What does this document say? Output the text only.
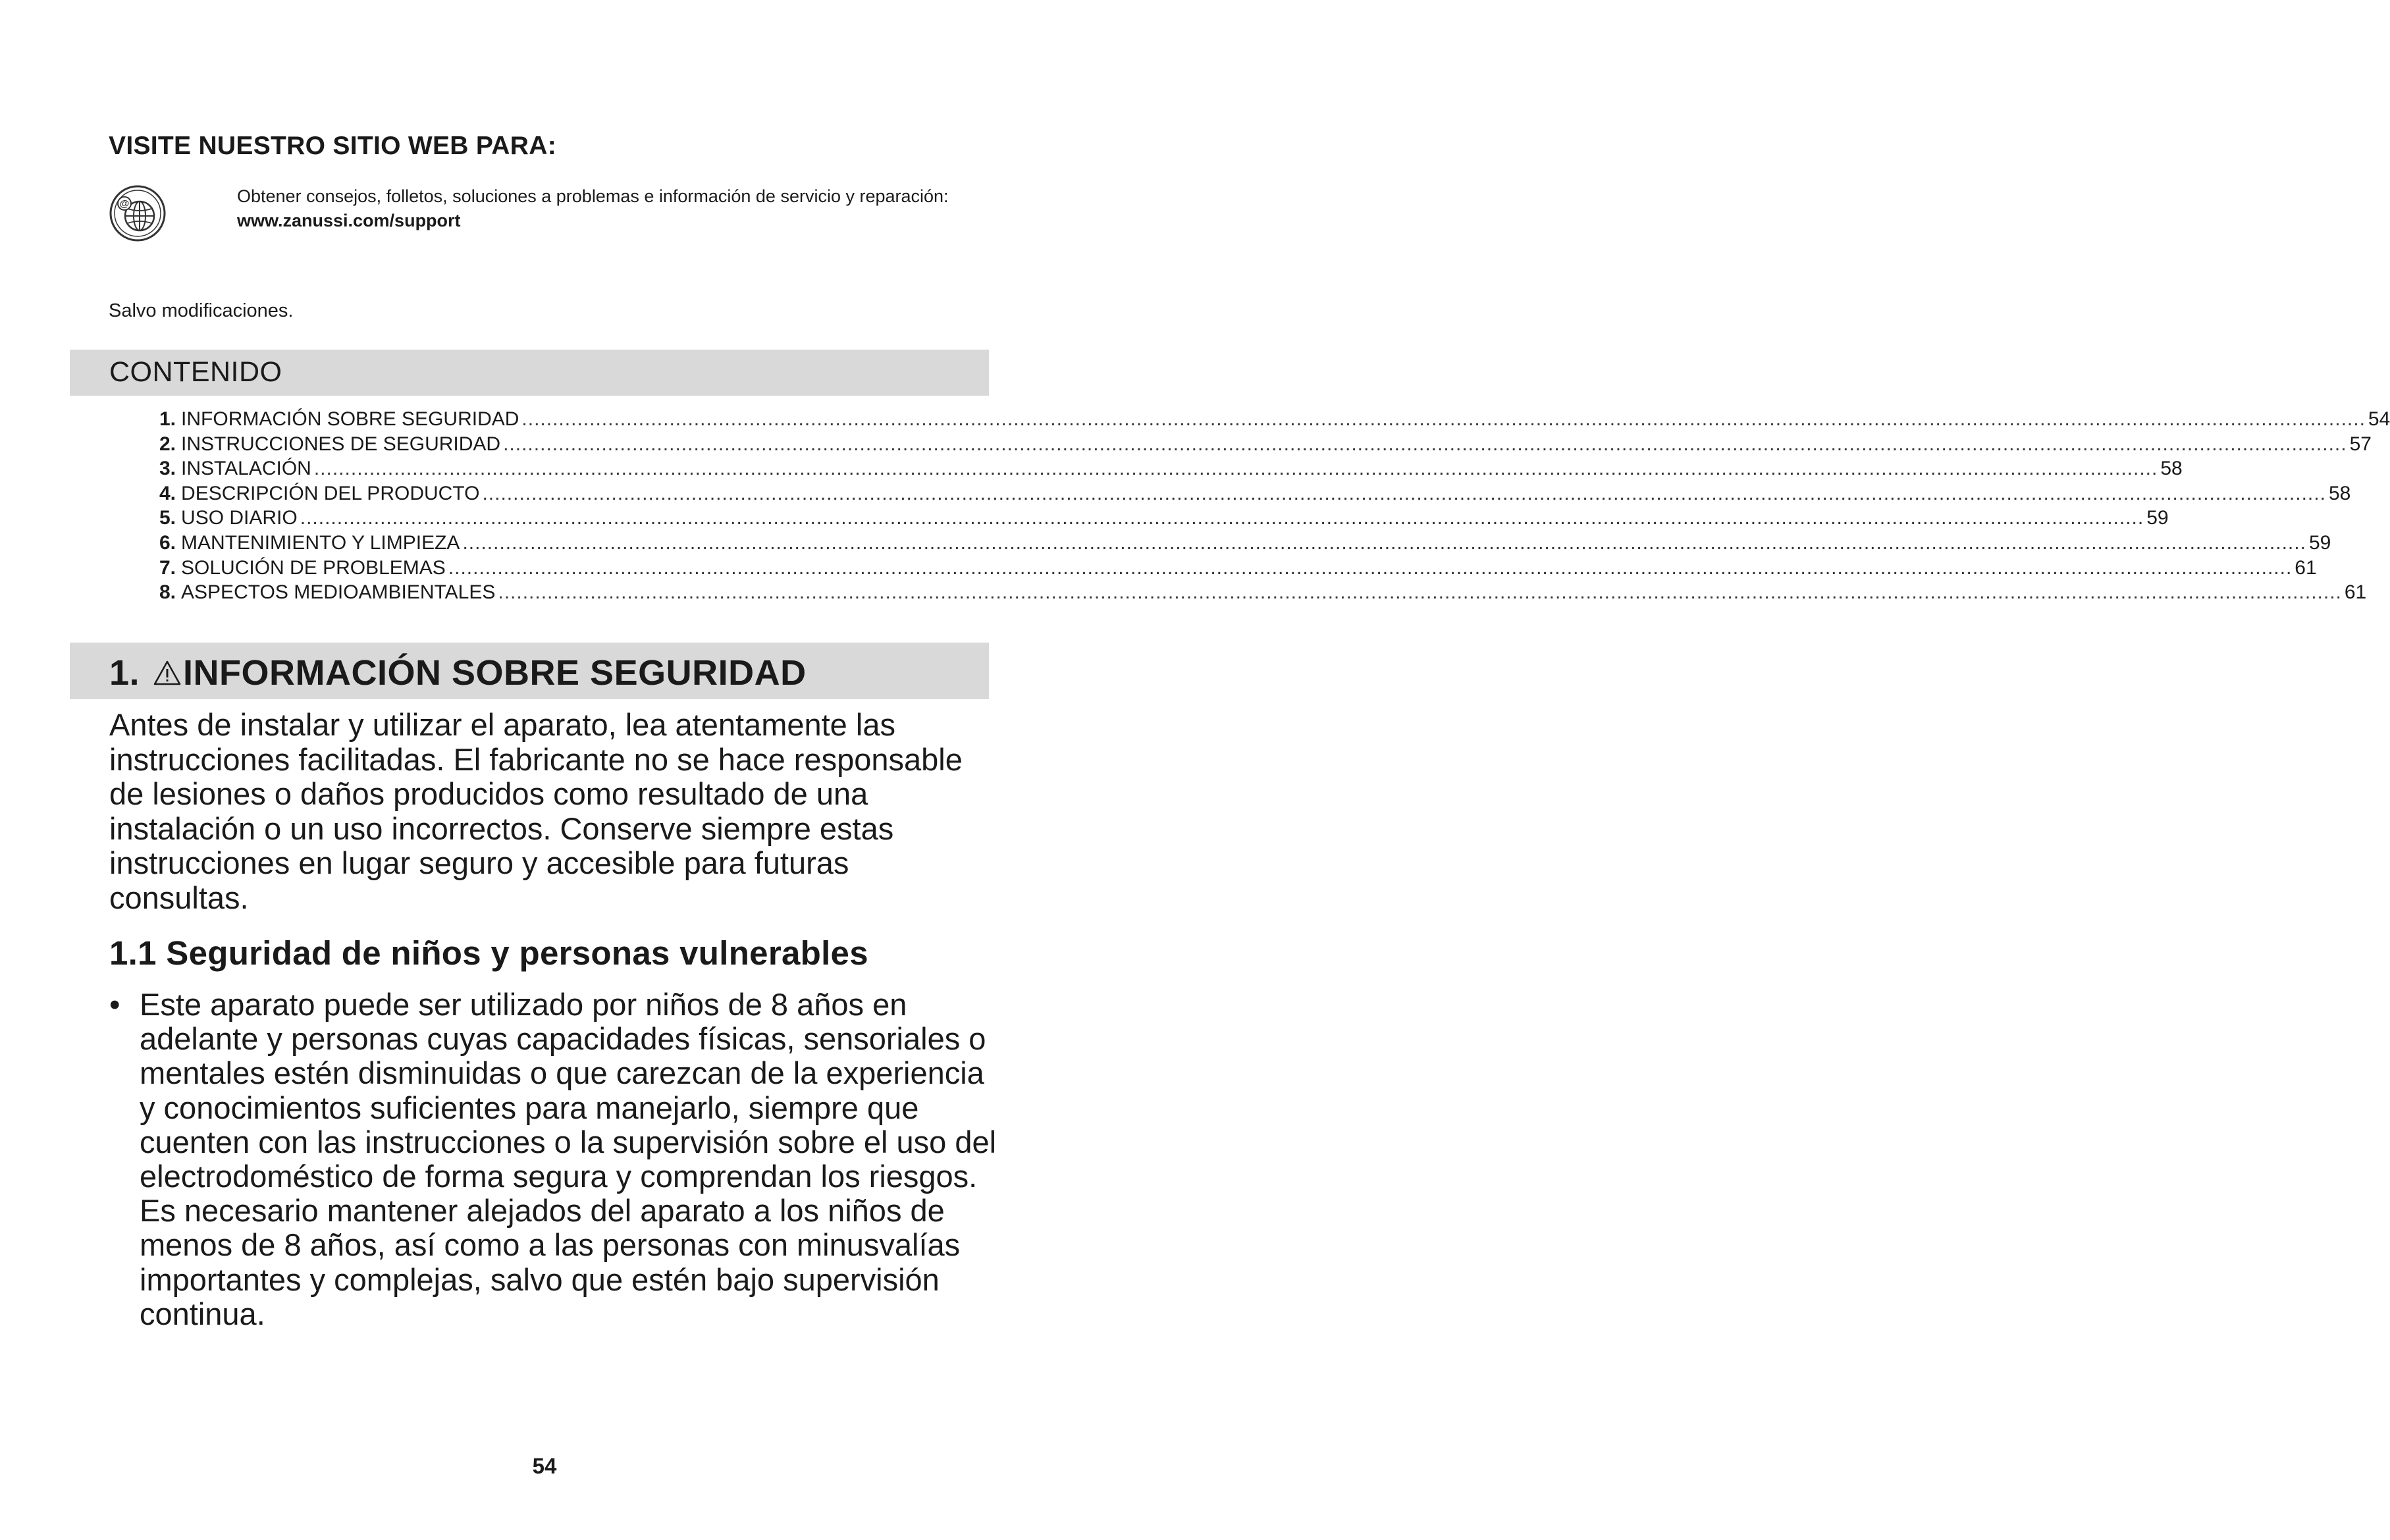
VISITE NUESTRO SITIO WEB PARA:
@	Obtener consejos, folletos, soluciones a problemas e información de servicio y reparación:
www.zanussi.com/support
Salvo modificaciones.
CONTENIDO
1. INFORMACIÓN SOBRE SEGURIDAD ............................................................................................................................................................................................................................................................................................................ 54
2. INSTRUCCIONES DE SEGURIDAD ............................................................................................................................................................................................................................................................................................................ 57
3. INSTALACIÓN ............................................................................................................................................................................................................................................................................................................ 58
4. DESCRIPCIÓN DEL PRODUCTO ............................................................................................................................................................................................................................................................................................................ 58
5. USO DIARIO ............................................................................................................................................................................................................................................................................................................ 59
6. MANTENIMIENTO Y LIMPIEZA ............................................................................................................................................................................................................................................................................................................ 59
7. SOLUCIÓN DE PROBLEMAS ............................................................................................................................................................................................................................................................................................................ 61
8. ASPECTOS MEDIOAMBIENTALES ............................................................................................................................................................................................................................................................................................................ 61
1. INFORMACIÓN SOBRE SEGURIDAD

Antes de instalar y utilizar el aparato, lea atentamente las instrucciones facilitadas. El fabricante no se hace responsable de lesiones o daños producidos como resultado de una instalación o un uso incorrectos. Conserve siempre estas instrucciones en lugar seguro y accesible para futuras consultas.

1.1 Seguridad de niños y personas vulnerables
• Este aparato puede ser utilizado por niños de 8 años en adelante y personas cuyas capacidades físicas, sensoriales o mentales estén disminuidas o que carezcan de la experiencia y conocimientos suficientes para manejarlo, siempre que cuenten con las instrucciones o la supervisión sobre el uso del electrodoméstico de forma segura y comprendan los riesgos. Es necesario mantener alejados del aparato a los niños de menos de 8 años, así como a las personas con minusvalías importantes y complejas, salvo que estén bajo supervisión continua.

54
